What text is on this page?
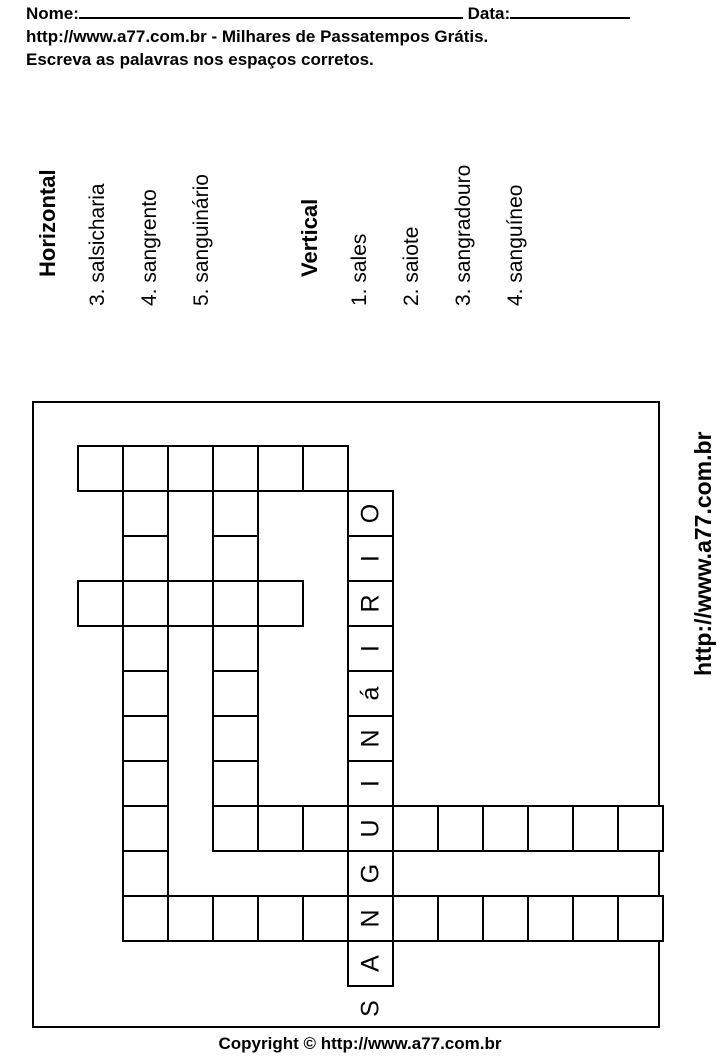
Nome:	Data:
http://www.a77.com.br - Milhares de Passatempos Grátis.
Escreva as palavras nos espaços corretos.
Horizontal 3. salsicharia 4. sangrento 5. sanguinário	Vertical 1. sales 2. saiote 3. sangradouro 4. sanguíneo
http://www.a77.com.br
O
I
R
I
á
N
I
U
G
N
A
S
Copyright © http://www.a77.com.br
